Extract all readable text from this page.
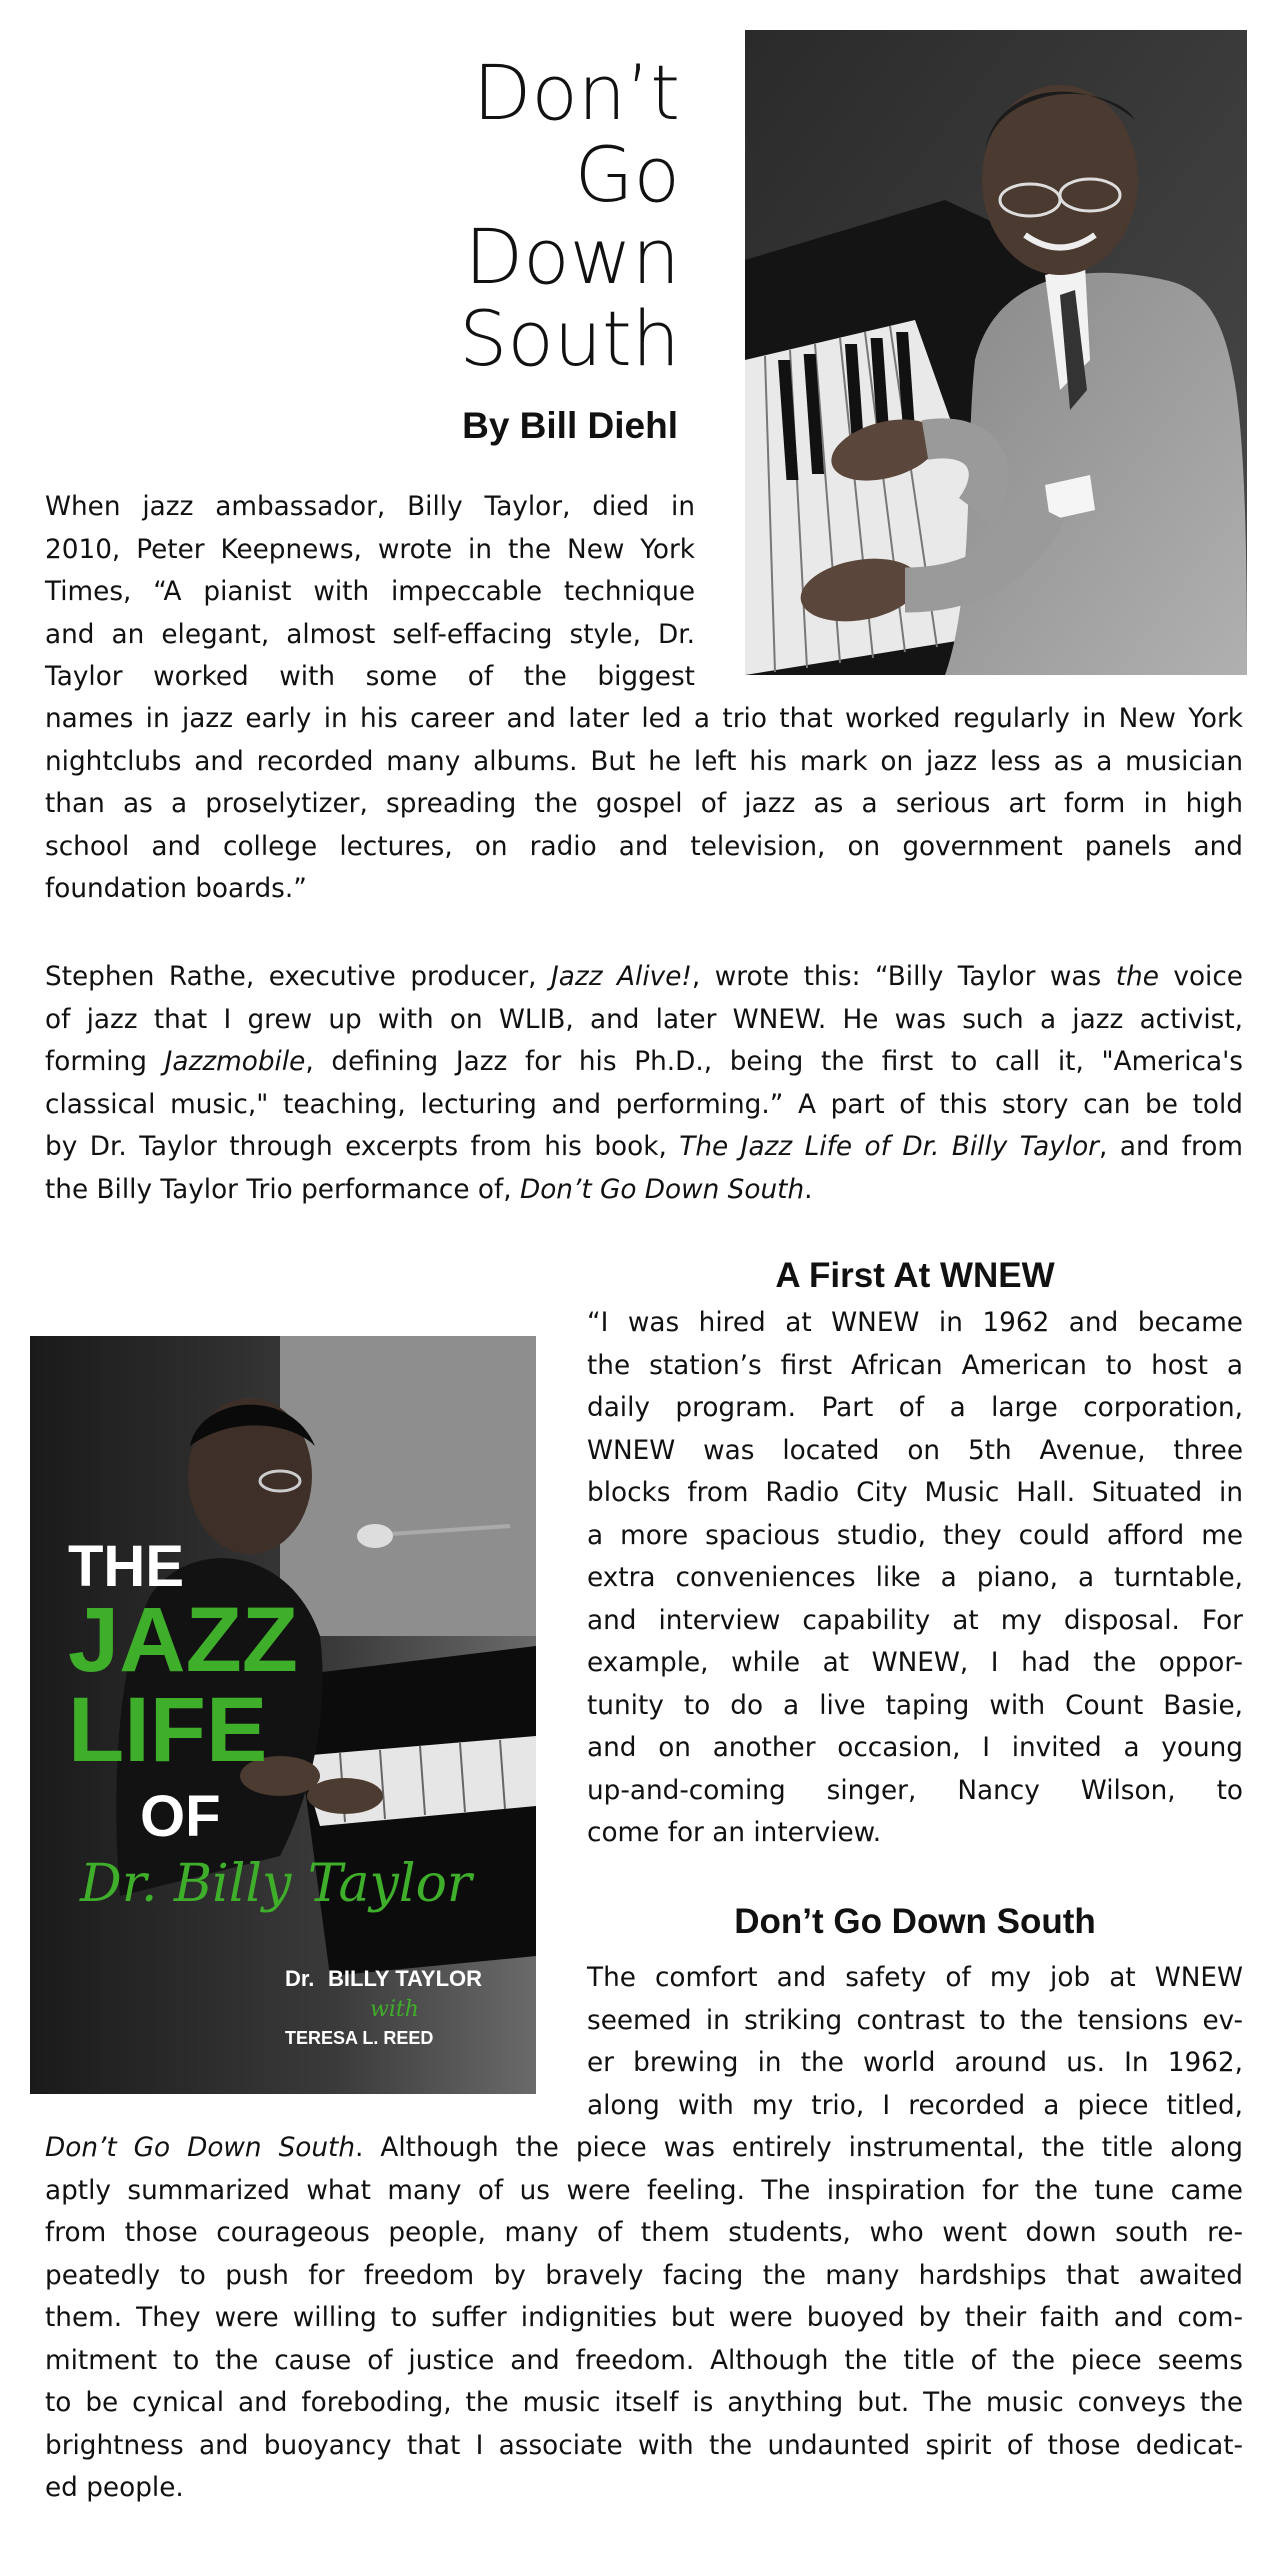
Don’t
Go
Down
South
By Bill Diehl
When jazz ambassador, Billy Taylor, died in
2010, Peter Keepnews, wrote in the New York
Times, “A pianist with impeccable technique
and an elegant, almost self-effacing style, Dr.
Taylor worked with some of the biggest
names in jazz early in his career and later led a trio that worked regularly in New York
nightclubs and recorded many albums. But he left his mark on jazz less as a musician
than as a proselytizer, spreading the gospel of jazz as a serious art form in high
school and college lectures, on radio and television, on government panels and
foundation boards.”
Stephen Rathe, executive producer, Jazz Alive!, wrote this: “Billy Taylor was the voice
of jazz that I grew up with on WLIB, and later WNEW. He was such a jazz activist,
forming Jazzmobile, defining Jazz for his Ph.D., being the first to call it, "America's
classical music," teaching, lecturing and performing.” A part of this story can be told
by Dr. Taylor through excerpts from his book, The Jazz Life of Dr. Billy Taylor, and from
the Billy Taylor Trio performance of, Don’t Go Down South.
A First At WNEW
THE
JAZZ
LIFE
OF
Dr. Billy Taylor
Dr. BILLY TAYLOR
with
TERESA L. REED
“I was hired at WNEW in 1962 and became
the station’s first African American to host a
daily program. Part of a large corporation,
WNEW was located on 5th Avenue, three
blocks from Radio City Music Hall. Situated in
a more spacious studio, they could afford me
extra conveniences like a piano, a turntable,
and interview capability at my disposal. For
example, while at WNEW, I had the oppor-
tunity to do a live taping with Count Basie,
and on another occasion, I invited a young
up-and-coming singer, Nancy Wilson, to
come for an interview.
Don’t Go Down South
The comfort and safety of my job at WNEW
seemed in striking contrast to the tensions ev-
er brewing in the world around us. In 1962,
along with my trio, I recorded a piece titled,
Don’t Go Down South. Although the piece was entirely instrumental, the title along
aptly summarized what many of us were feeling. The inspiration for the tune came
from those courageous people, many of them students, who went down south re-
peatedly to push for freedom by bravely facing the many hardships that awaited
them. They were willing to suffer indignities but were buoyed by their faith and com-
mitment to the cause of justice and freedom. Although the title of the piece seems
to be cynical and foreboding, the music itself is anything but. The music conveys the
brightness and buoyancy that I associate with the undaunted spirit of those dedicat-
ed people.
